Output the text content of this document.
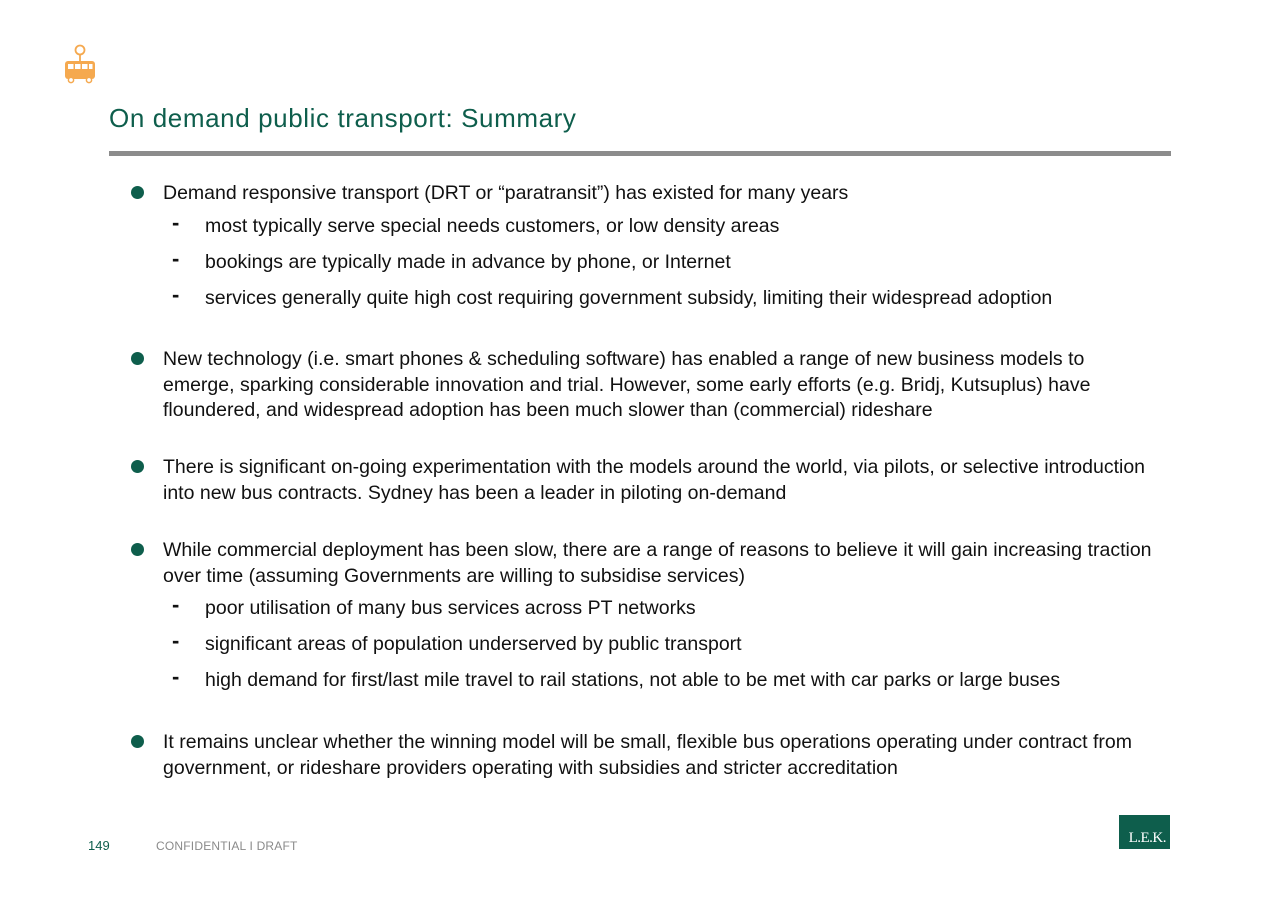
On demand public transport: Summary
Demand responsive transport (DRT or “paratransit”) has existed for many years
- most typically serve special needs customers, or low density areas
- bookings are typically made in advance by phone, or Internet
- services generally quite high cost requiring government subsidy, limiting their widespread adoption
New technology (i.e. smart phones & scheduling software) has enabled a range of new business models to emerge, sparking considerable innovation and trial. However, some early efforts (e.g. Bridj, Kutsuplus) have floundered, and widespread adoption has been much slower than (commercial) rideshare
There is significant on-going experimentation with the models around the world, via pilots, or selective introduction into new bus contracts. Sydney has been a leader in piloting on-demand
While commercial deployment has been slow, there are a range of reasons to believe it will gain increasing traction over time (assuming Governments are willing to subsidise services)
- poor utilisation of many bus services across PT networks
- significant areas of population underserved by public transport
- high demand for first/last mile travel to rail stations, not able to be met with car parks or large buses
It remains unclear whether the winning model will be small, flexible bus operations operating under contract from government, or rideshare providers operating with subsidies and stricter accreditation
149	CONFIDENTIAL I DRAFT	L.E.K.
